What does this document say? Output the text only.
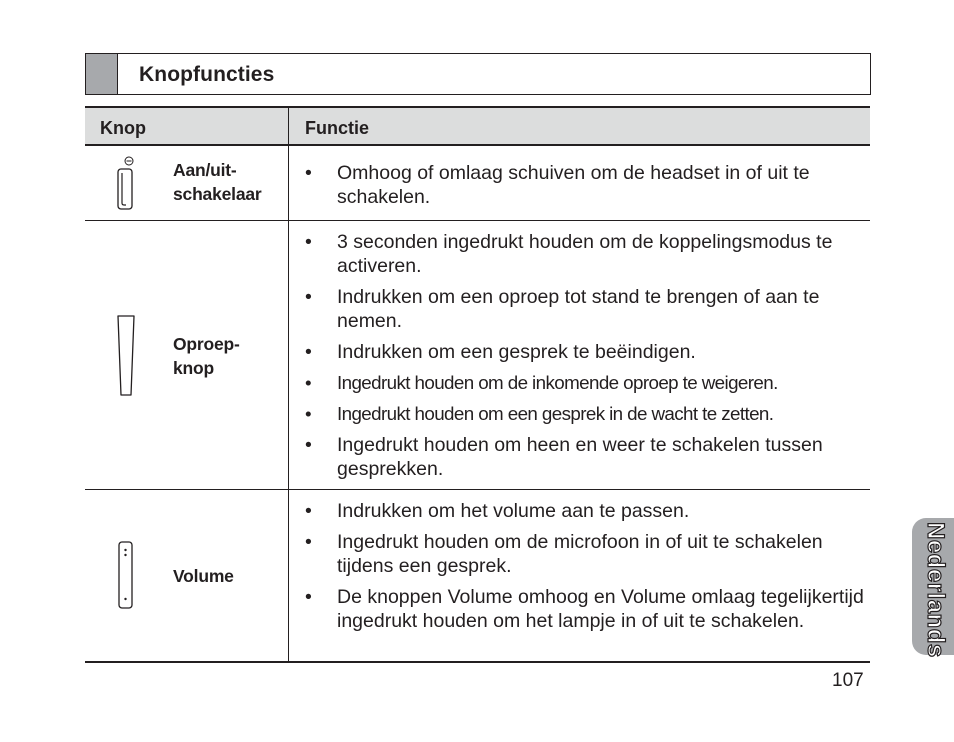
Knopfuncties
Knop	Functie
Aan/uit-
schakelaar
• Omhoog of omlaag schuiven om de headset in of uit te schakelen.
Oproep-
knop
• 3 seconden ingedrukt houden om de koppelingsmodus te activeren.
• Indrukken om een oproep tot stand te brengen of aan te nemen.
• Indrukken om een gesprek te beëindigen.
• Ingedrukt houden om de inkomende oproep te weigeren.
• Ingedrukt houden om een gesprek in de wacht te zetten.
• Ingedrukt houden om heen en weer te schakelen tussen gesprekken.
Volume
• Indrukken om het volume aan te passen.
• Ingedrukt houden om de microfoon in of uit te schakelen tijdens een gesprek.
• De knoppen Volume omhoog en Volume omlaag tegelijkertijd ingedrukt houden om het lampje in of uit te schakelen.	Nederlands
107
